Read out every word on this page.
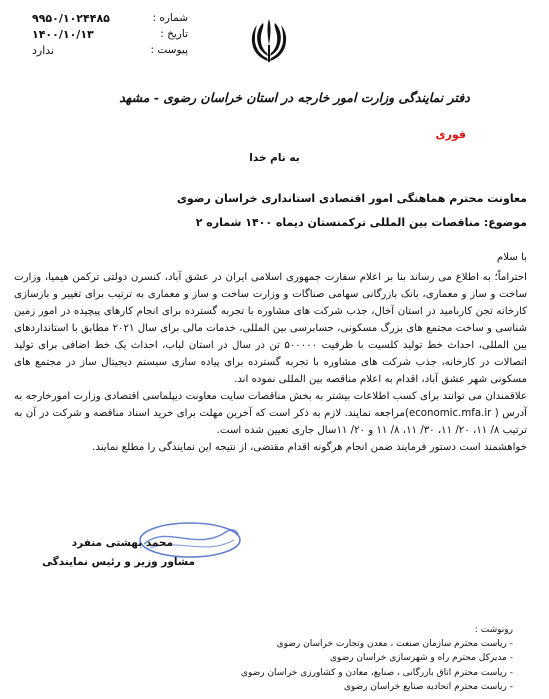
شماره :
۹۹۵۰/۱۰۲۴۴۸۵
تاریخ :
۱۴۰۰/۱۰/۱۳
پیوست :
ندارد
دفتر نمایندگی وزارت امور خارجه در استان خراسان رضوی - مشهد
فوری
به نام خدا
معاونت محترم هماهنگی امور اقتصادی استانداری خراسان رضوی
موضوع: مناقصات بین المللی ترکمنستان دیماه ۱۴۰۰ شماره ۲

با سلام

احتراماً؛ به اطلاع می رساند بنا بر اعلام سفارت جمهوری اسلامی ایران در عشق آباد، کنسرن دولتی ترکمن هیمیا، وزارت ساخت و ساز و معماری، بانک بازرگانی سهامی صناگات و وزارت ساخت و ساز و معماری به ترتیب برای تغییر و بازسازی کارخانه تجن کاربامید در استان آخال، جذب شرکت های مشاوره با تجربه گسترده برای انجام کارهای پیچیده در امور زمین شناسی و ساخت مجتمع های بزرگ مسکونی، حسابرسی بین المللی، خدمات مالی برای سال ۲۰۲۱ مطابق با استانداردهای بین المللی، احداث خط تولید کلسیت با ظرفیت ۵۰۰۰۰۰ تن در سال در استان لباب، احداث یک خط اضافی برای تولید اتصالات در کارخانه، جذب شرکت های مشاوره با تجربه گسترده برای پیاده سازی سیستم دیجیتال ساز در مجتمع های مسکونی شهر عشق آباد، اقدام به اعلام مناقصه بین المللی نموده اند.

علاقمندان می توانند برای کسب اطلاعات بیشتر به بخش مناقصات سایت معاونت دیپلماسی اقتصادی وزارت امورخارجه به آدرس ( economic.mfa.ir)مراجعه نمایند. لازم به ذکر است که آخرین مهلت برای خرید اسناد مناقصه و شرکت در آن به ترتیب ۸/ ۱۱، ۲۰/ ۱۱، ۳۰/ ۱۱، ۸/ ۱۱ و ۲۰/ ۱۱سال جاری تعیین شده است.

خواهشمند است دستور فرمایند ضمن انجام هرگونه اقدام مقتضی، از نتیجه این نمایندگی را مطلع نمایند.

محمد بهشتی منفرد
مشاور وزیر و رئیس نمایندگی
رونوشت :
- ریاست محترم سازمان صنعت ، معدن وتجارت خراسان رضوی
- مدیرکل محترم راه و شهرسازی خراسان رضوی
- ریاست محترم اتاق بازرگانی ، صنایع، معادن و کشاورزی خراسان رضوی
- ریاست محترم اتحادیه صنایع خراسان رضوی
